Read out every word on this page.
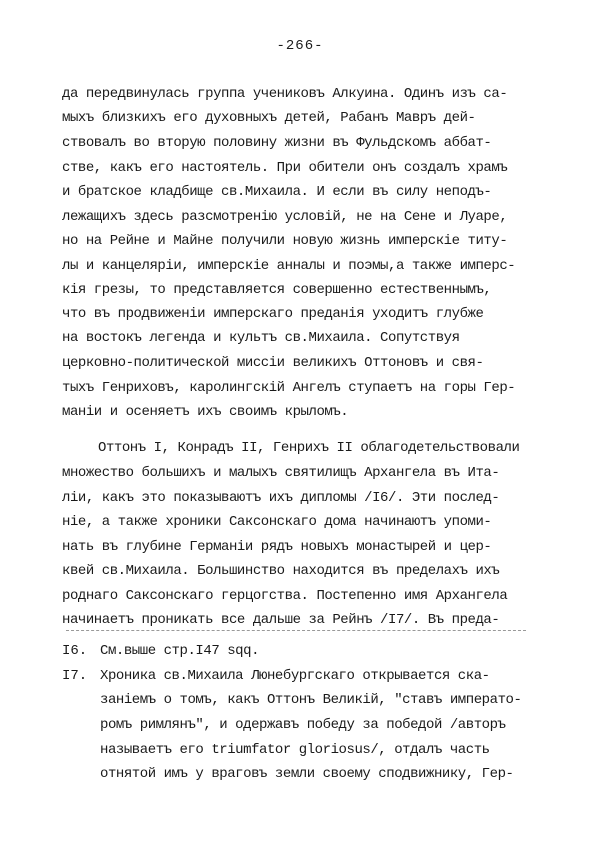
-266-
да передвинулась группа учениковъ Алкуина. Одинъ изъ са-
мыхъ близкихъ его духовныхъ детей, Рабанъ Мавръ дей-
ствовалъ во вторую половину жизни въ Фульдскомъ аббат-
стве, какъ его настоятель. При обители онъ создалъ храмъ
и братское кладбище св.Михаила. И если въ силу неподъ-
лежащихъ здесь разсмотренію условій, не на Сене и Луаре,
но на Рейне и Майне получили новую жизнь имперскіе титу-
лы и канцеляріи, имперскіе анналы и поэмы,а также имперс-
кія грезы, то представляется совершенно естественнымъ,
что въ продвиженіи имперскаго преданія уходитъ глубже
на востокъ легенда и культъ св.Михаила. Сопутствуя
церковно-политической миссіи великихъ Оттоновъ и свя-
тыхъ Генриховъ, каролингскій Ангелъ ступаетъ на горы Гер-
маніи и осеняетъ ихъ своимъ крыломъ.
Оттонъ I, Конрадъ II, Генрихъ II облагодетельствовали
множество большихъ и малыхъ святилищъ Архангела въ Ита-
ліи, какъ это показываютъ ихъ дипломы /I6/. Эти послед-
ніе, а также хроники Саксонскаго дома начинаютъ упоми-
нать въ глубине Германіи рядъ новыхъ монастырей и цер-
квей св.Михаила. Большинство находится въ пределахъ ихъ
роднаго Саксонскаго герцогства. Постепенно имя Архангела
начинаетъ проникать все дальше за Рейнъ /I7/. Въ преда-
I6. См.выше стр.I47 sqq.
I7. Хроника св.Михаила Люнебургскаго открывается ска-
заніемъ о томъ, какъ Оттонъ Великій, "ставъ императо-
ромъ римлянъ", и одержавъ победу за победой /авторъ
называетъ его triumfator gloriosus/, отдалъ часть
отнятой имъ у враговъ земли своему сподвижнику, Гер-
